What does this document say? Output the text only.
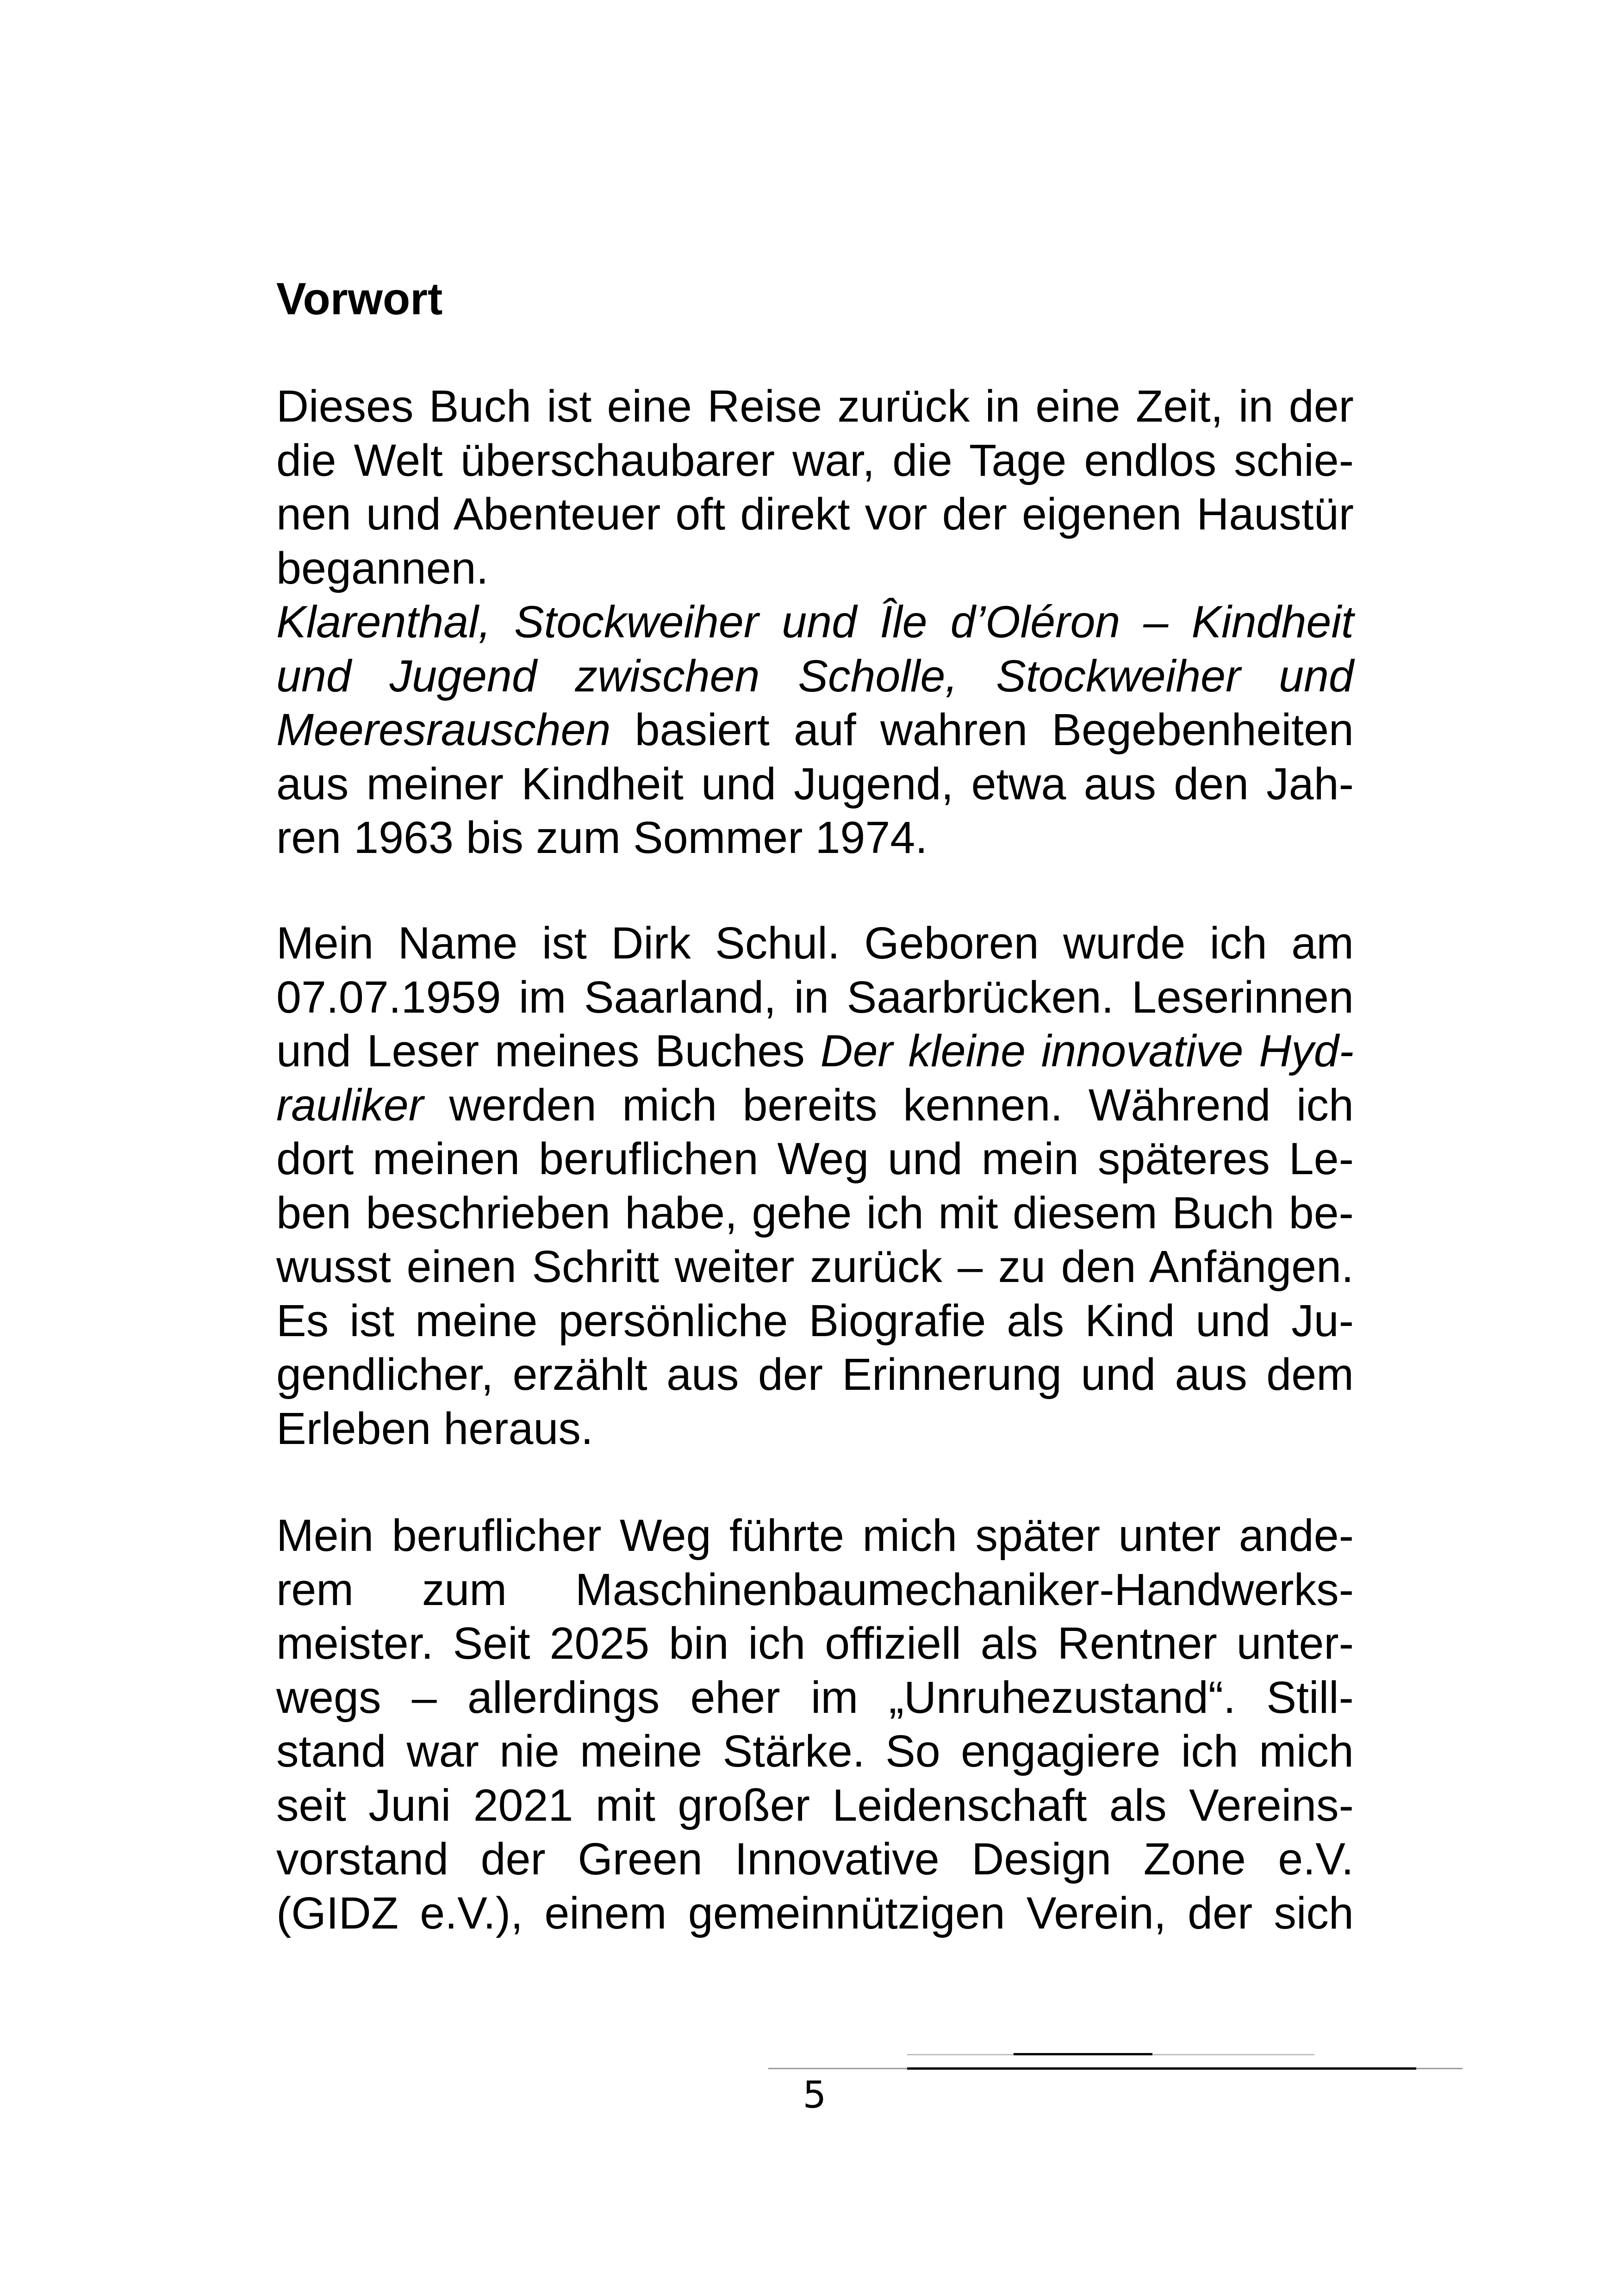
Vorwort
Dieses Buch ist eine Reise zurück in eine Zeit, in der
die Welt überschaubarer war, die Tage endlos schie-
nen und Abenteuer oft direkt vor der eigenen Haustür
begannen.
Klarenthal, Stockweiher und Île d’Oléron – Kindheit
und Jugend zwischen Scholle, Stockweiher und
Meeresrauschen basiert auf wahren Begebenheiten
aus meiner Kindheit und Jugend, etwa aus den Jah-
ren 1963 bis zum Sommer 1974.
Mein Name ist Dirk Schul. Geboren wurde ich am
07.07.1959 im Saarland, in Saarbrücken. Leserinnen
und Leser meines Buches Der kleine innovative Hyd-
rauliker werden mich bereits kennen. Während ich
dort meinen beruflichen Weg und mein späteres Le-
ben beschrieben habe, gehe ich mit diesem Buch be-
wusst einen Schritt weiter zurück – zu den Anfängen.
Es ist meine persönliche Biografie als Kind und Ju-
gendlicher, erzählt aus der Erinnerung und aus dem
Erleben heraus.
Mein beruflicher Weg führte mich später unter ande-
rem zum Maschinenbaumechaniker-Handwerks-
meister. Seit 2025 bin ich offiziell als Rentner unter-
wegs – allerdings eher im „Unruhezustand“. Still-
stand war nie meine Stärke. So engagiere ich mich
seit Juni 2021 mit großer Leidenschaft als Vereins-
vorstand der Green Innovative Design Zone e.V.
(GIDZ e.V.), einem gemeinnützigen Verein, der sich
5
